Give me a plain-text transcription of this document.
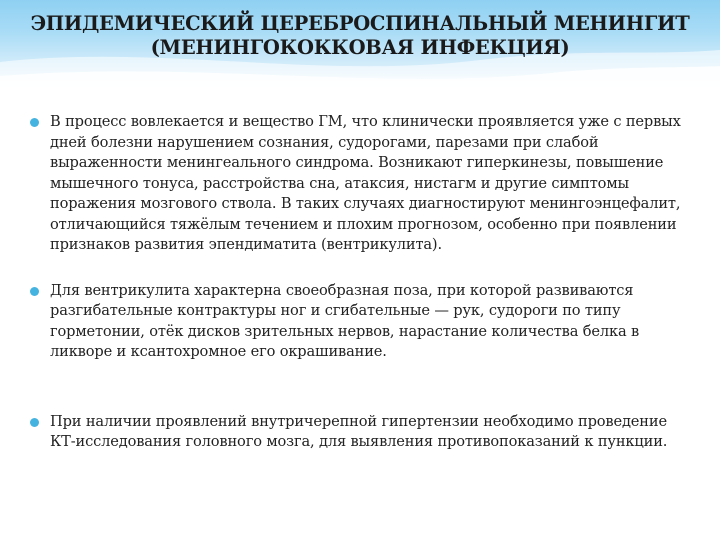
ЭПИДЕМИЧЕСКИЙ ЦЕРЕБРОСПИНАЛЬНЫЙ МЕНИНГИТ
(МЕНИНГОКОККОВАЯ ИНФЕКЦИЯ)
В процесс вовлекается и вещество ГМ, что клинически проявляется уже с первых дней болезни нарушением сознания, судорогами, парезами при слабой выраженности менингеального синдрома. Возникают гиперкинезы, повышение мышечного тонуса, расстройства сна, атаксия, нистагм и другие симптомы поражения мозгового ствола. В таких случаях диагностируют менингоэнцефалит, отличающийся тяжёлым течением и плохим прогнозом, особенно при появлении признаков развития эпендиматита (вентрикулита).
Для вентрикулита характерна своеобразная поза, при которой развиваются разгибательные контрактуры ног и сгибательные — рук, судороги по типу горметонии, отёк дисков зрительных нервов, нарастание количества белка в ликворе и ксантохромное его окрашивание.
При наличии проявлений внутричерепной гипертензии необходимо проведение КТ-исследования головного мозга, для выявления противопоказаний к пункции.
